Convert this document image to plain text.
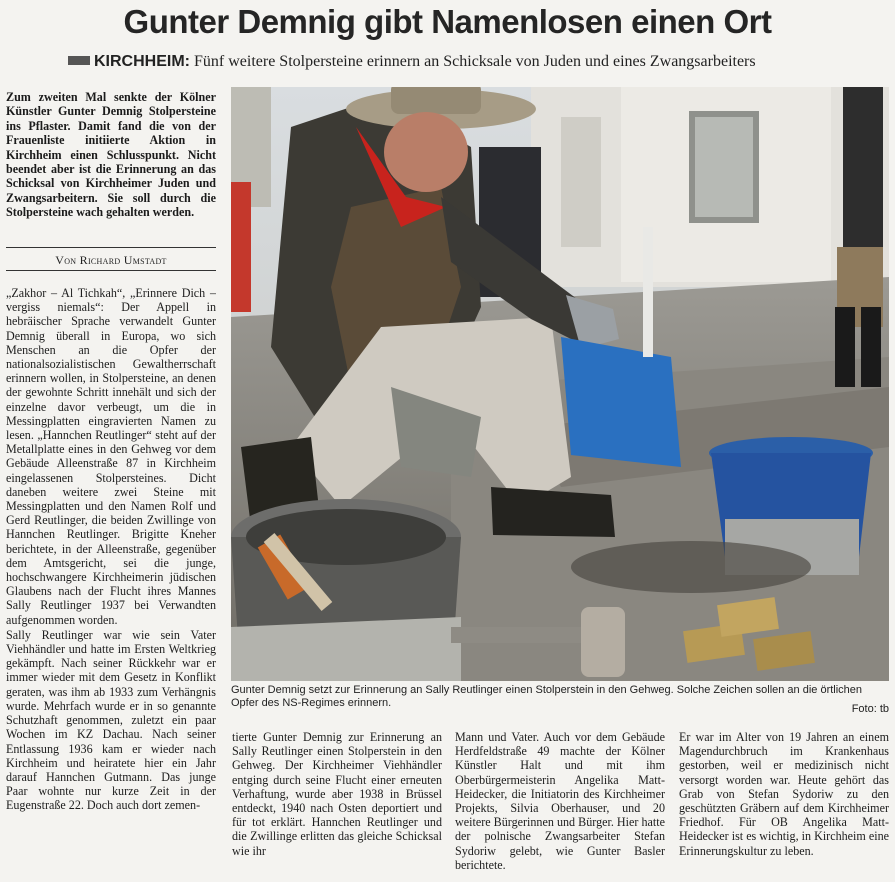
Gunter Demnig gibt Namenlosen einen Ort
KIRCHHEIM: Fünf weitere Stolpersteine erinnern an Schicksale von Juden und eines Zwangsarbeiters
Zum zweiten Mal senkte der Kölner Künstler Gunter Demnig Stolpersteine ins Pflaster. Damit fand die von der Frauenliste initiierte Aktion in Kirchheim einen Schlusspunkt. Nicht beendet aber ist die Erinnerung an das Schicksal von Kirchheimer Juden und Zwangsarbeitern. Sie soll durch die Stolpersteine wach gehalten werden.
Von Richard Umstadt

„Zakhor – Al Tichkah“, „Erinnere Dich – vergiss niemals“: Der Appell in hebräischer Sprache verwandelt Gunter Demnig überall in Europa, wo sich Menschen an die Opfer der nationalsozialistischen Gewaltherrschaft erinnern wollen, in Stolpersteine, an denen der gewohnte Schritt innehält und sich der einzelne davor verbeugt, um die in Messingplatten eingravierten Namen zu lesen. „Hannchen Reutlinger“ steht auf der Metallplatte eines in den Gehweg vor dem Gebäude Alleenstraße 87 in Kirchheim eingelassenen Stolpersteines. Dicht daneben weitere zwei Steine mit Messingplatten und den Namen Rolf und Gerd Reutlinger, die beiden Zwillinge von Hannchen Reutlinger. Brigitte Kneher berichtete, in der Alleenstraße, gegenüber dem Amtsgericht, sei die junge, hochschwangere Kirchheimerin jüdischen Glaubens nach der Flucht ihres Mannes Sally Reutlinger 1937 bei Verwandten aufgenommen worden.

Sally Reutlinger war wie sein Vater Viehhändler und hatte im Ersten Weltkrieg gekämpft. Nach seiner Rückkehr war er immer wieder mit dem Gesetz in Konflikt geraten, was ihm ab 1933 zum Verhängnis wurde. Mehrfach wurde er in so genannte Schutzhaft genommen, zuletzt ein paar Wochen im KZ Dachau. Nach seiner Entlassung 1936 kam er wieder nach Kirchheim und heiratete hier ein Jahr darauf Hannchen Gutmann. Das junge Paar wohnte nur kurze Zeit in der Eugenstraße 22. Doch auch dort zemen-

Gunter Demnig setzt zur Erinnerung an Sally Reutlinger einen Stolperstein in den Gehweg. Solche Zeichen sollen an die örtlichen Opfer des NS-Regimes erinnern.	Foto: tb

tierte Gunter Demnig zur Erinnerung an Sally Reutlinger einen Stolperstein in den Gehweg. Der Kirchheimer Viehhändler entging durch seine Flucht einer erneuten Verhaftung, wurde aber 1938 in Brüssel entdeckt, 1940 nach Osten deportiert und für tot erklärt. Hannchen Reutlinger und die Zwillinge erlitten das gleiche Schicksal wie ihr

Mann und Vater. Auch vor dem Gebäude Herdfeldstraße 49 machte der Kölner Künstler Halt und mit ihm Oberbürgermeisterin Angelika Matt-Heidecker, die Initiatorin des Kirchheimer Projekts, Silvia Oberhauser, und 20 weitere Bürgerinnen und Bürger. Hier hatte der polnische Zwangsarbeiter Stefan Sydoriw gelebt, wie Gunter Basler berichtete.

Er war im Alter von 19 Jahren an einem Magendurchbruch im Krankenhaus gestorben, weil er medizinisch nicht versorgt worden war. Heute gehört das Grab von Stefan Sydoriw zu den geschützten Gräbern auf dem Kirchheimer Friedhof. Für OB Angelika Matt-Heidecker ist es wichtig, in Kirchheim eine Erinnerungskultur zu leben.
